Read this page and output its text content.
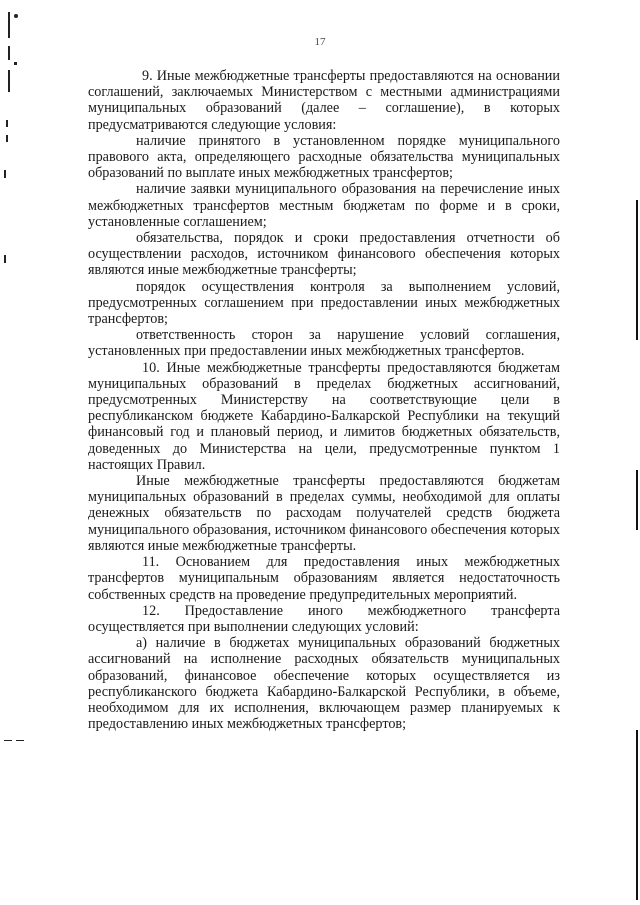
17

9. Иные межбюджетные трансферты предоставляются на основании соглашений, заключаемых Министерством с местными администрациями муниципальных образований (далее – соглашение), в которых предусматриваются следующие условия:

наличие принятого в установленном порядке муниципального правового акта, определяющего расходные обязательства муниципальных образований по выплате иных межбюджетных трансфертов;

наличие заявки муниципального образования на перечисление иных межбюджетных трансфертов местным бюджетам по форме и в сроки, установленные соглашением;

обязательства, порядок и сроки предоставления отчетности об осуществлении расходов, источником финансового обеспечения которых являются иные межбюджетные трансферты;

порядок осуществления контроля за выполнением условий, предусмотренных соглашением при предоставлении иных межбюджетных трансфертов;

ответственность сторон за нарушение условий соглашения, установленных при предоставлении иных межбюджетных трансфертов.

10. Иные межбюджетные трансферты предоставляются бюджетам муниципальных образований в пределах бюджетных ассигнований, предусмотренных Министерству на соответствующие цели в республиканском бюджете Кабардино-Балкарской Республики на текущий финансовый год и плановый период, и лимитов бюджетных обязательств, доведенных до Министерства на цели, предусмотренные пунктом 1 настоящих Правил.

Иные межбюджетные трансферты предоставляются бюджетам муниципальных образований в пределах суммы, необходимой для оплаты денежных обязательств по расходам получателей средств бюджета муниципального образования, источником финансового обеспечения которых являются иные межбюджетные трансферты.

11. Основанием для предоставления иных межбюджетных трансфертов муниципальным образованиям является недостаточность собственных средств на проведение предупредительных мероприятий.

12. Предоставление иного межбюджетного трансферта осуществляется при выполнении следующих условий:

а) наличие в бюджетах муниципальных образований бюджетных ассигнований на исполнение расходных обязательств муниципальных образований, финансовое обеспечение которых осуществляется из республиканского бюджета Кабардино-Балкарской Республики, в объеме, необходимом для их исполнения, включающем размер планируемых к предоставлению иных межбюджетных трансфертов;
